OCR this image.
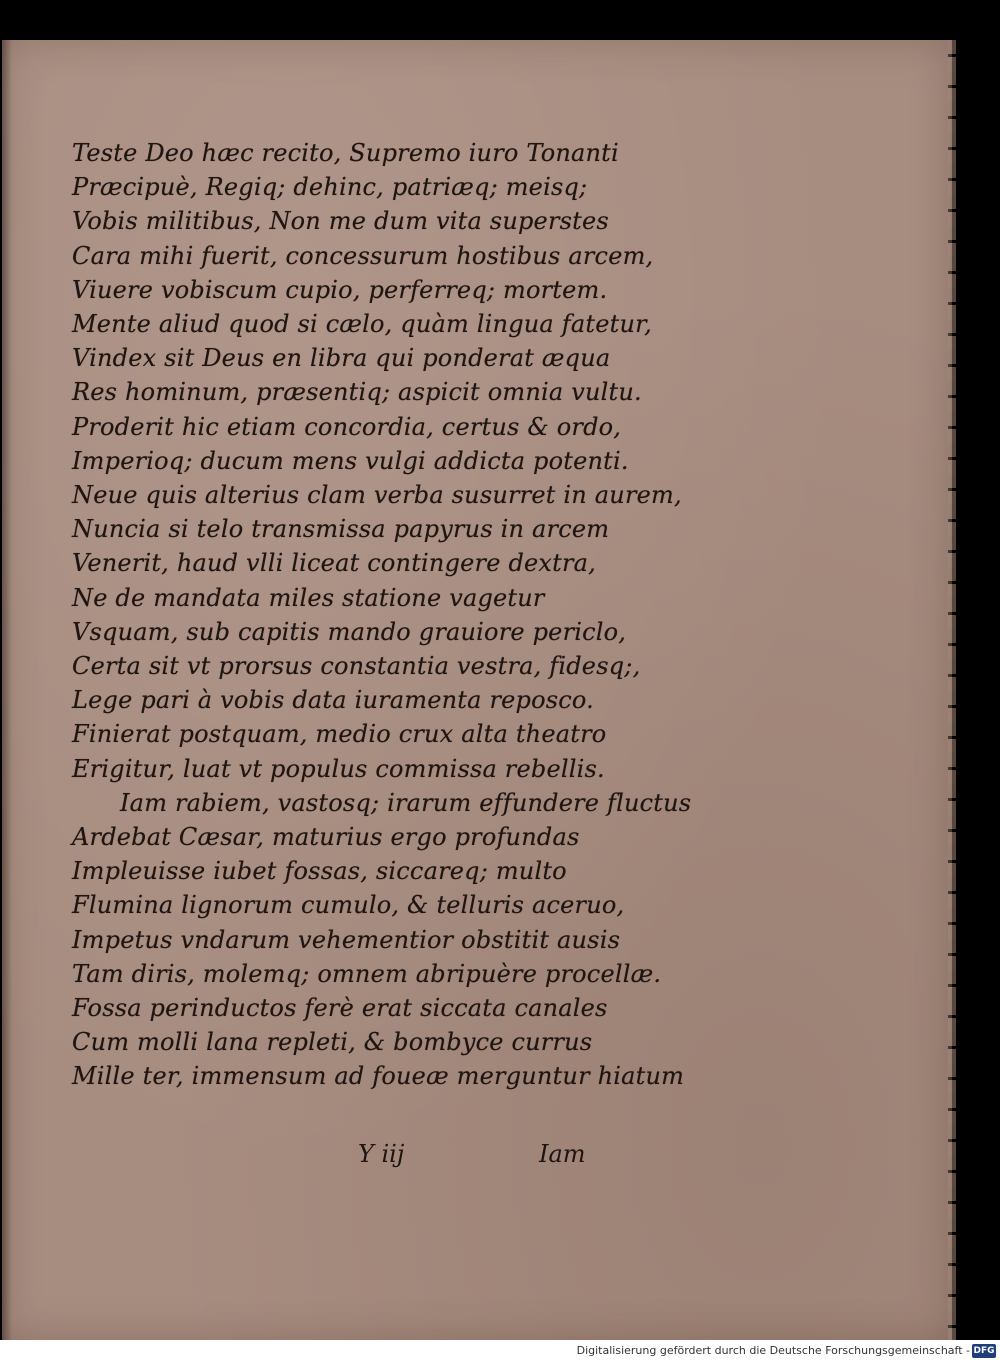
Teste Deo hæc recito, Supremo iuro Tonanti
Præcipuè, Regiq; dehinc, patriæq; meisq;
Vobis militibus, Non me dum vita superstes
Cara mihi fuerit, concessurum hostibus arcem,
Viuere vobiscum cupio, perferreq; mortem.
Mente aliud quod si cælo, quàm lingua fatetur,
Vindex sit Deus en libra qui ponderat æqua
Res hominum, præsentiq; aspicit omnia vultu.
Proderit hic etiam concordia, certus & ordo,
Imperioq; ducum mens vulgi addicta potenti.
Neue quis alterius clam verba susurret in aurem,
Nuncia si telo transmissa papyrus in arcem
Venerit, haud vlli liceat contingere dextra,
Ne de mandata miles statione vagetur
Vsquam, sub capitis mando grauiore periclo,
Certa sit vt prorsus constantia vestra, fidesq;,
Lege pari à vobis data iuramenta reposco.
Finierat postquam, medio crux alta theatro
Erigitur, luat vt populus commissa rebellis.
Iam rabiem, vastosq; irarum effundere fluctus
Ardebat Cæsar, maturius ergo profundas
Impleuisse iubet fossas, siccareq; multo
Flumina lignorum cumulo, & telluris aceruo,
Impetus vndarum vehementior obstitit ausis
Tam diris, molemq; omnem abripuère procellæ.
Fossa perinductos ferè erat siccata canales
Cum molli lana repleti, & bombyce currus
Mille ter, immensum ad foueæ merguntur hiatum
Y iij	Iam
Digitalisierung gefördert durch die Deutsche Forschungsgemeinschaft - DFG
